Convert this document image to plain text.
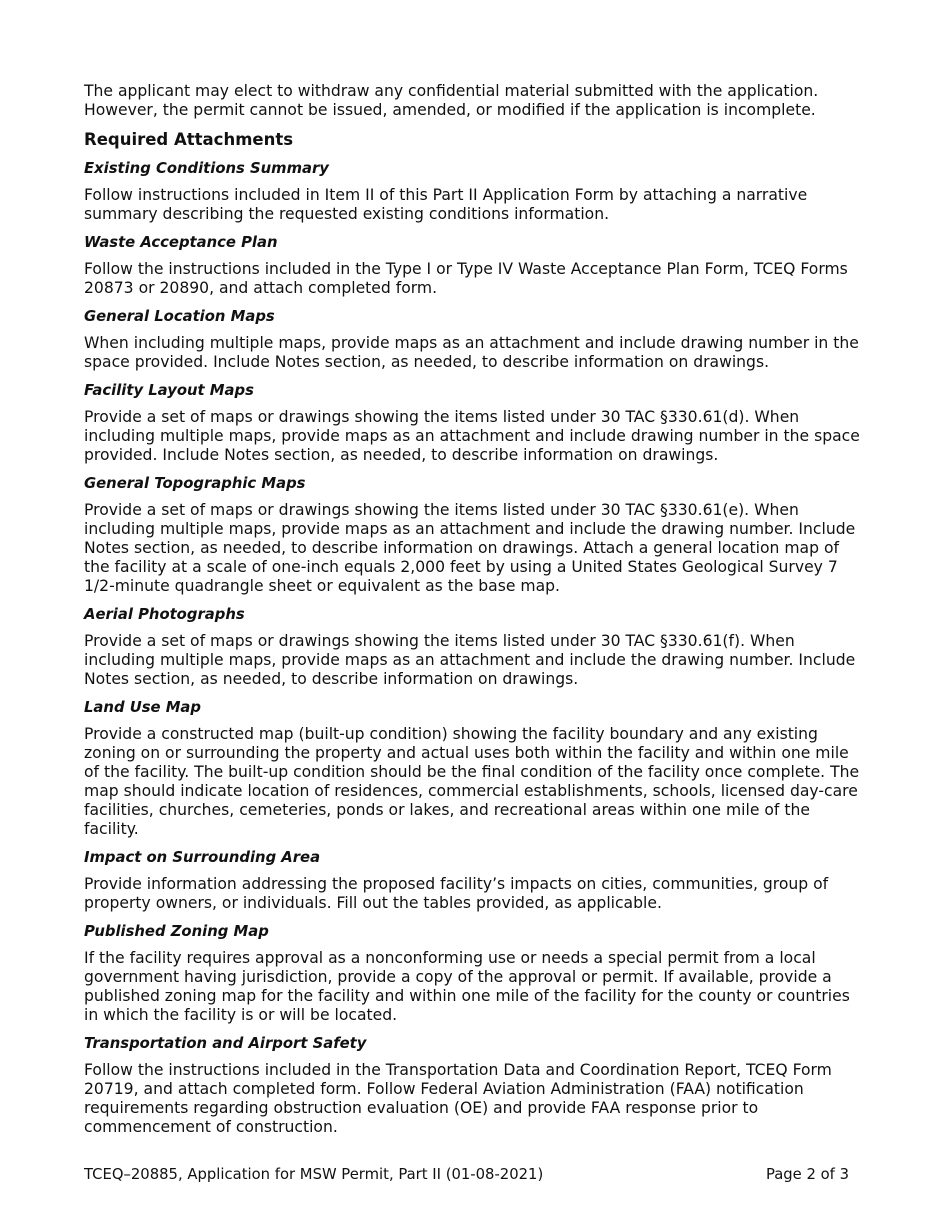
The applicant may elect to withdraw any confidential material submitted with the application. However, the permit cannot be issued, amended, or modified if the application is incomplete.

Required Attachments
Existing Conditions Summary

Follow instructions included in Item II of this Part II Application Form by attaching a narrative summary describing the requested existing conditions information.

Waste Acceptance Plan

Follow the instructions included in the Type I or Type IV Waste Acceptance Plan Form, TCEQ Forms 20873 or 20890, and attach completed form.

General Location Maps

When including multiple maps, provide maps as an attachment and include drawing number in the space provided. Include Notes section, as needed, to describe information on drawings.

Facility Layout Maps

Provide a set of maps or drawings showing the items listed under 30 TAC §330.61(d). When including multiple maps, provide maps as an attachment and include drawing number in the space provided. Include Notes section, as needed, to describe information on drawings.

General Topographic Maps

Provide a set of maps or drawings showing the items listed under 30 TAC §330.61(e). When including multiple maps, provide maps as an attachment and include the drawing number. Include Notes section, as needed, to describe information on drawings. Attach a general location map of the facility at a scale of one-inch equals 2,000 feet by using a United States Geological Survey 7 1/2-minute quadrangle sheet or equivalent as the base map.

Aerial Photographs

Provide a set of maps or drawings showing the items listed under 30 TAC §330.61(f). When including multiple maps, provide maps as an attachment and include the drawing number. Include Notes section, as needed, to describe information on drawings.

Land Use Map

Provide a constructed map (built-up condition) showing the facility boundary and any existing zoning on or surrounding the property and actual uses both within the facility and within one mile of the facility. The built-up condition should be the final condition of the facility once complete. The map should indicate location of residences, commercial establishments, schools, licensed day-care facilities, churches, cemeteries, ponds or lakes, and recreational areas within one mile of the facility.

Impact on Surrounding Area

Provide information addressing the proposed facility’s impacts on cities, communities, group of property owners, or individuals. Fill out the tables provided, as applicable.

Published Zoning Map

If the facility requires approval as a nonconforming use or needs a special permit from a local government having jurisdiction, provide a copy of the approval or permit. If available, provide a published zoning map for the facility and within one mile of the facility for the county or countries in which the facility is or will be located.

Transportation and Airport Safety

Follow the instructions included in the Transportation Data and Coordination Report, TCEQ Form 20719, and attach completed form. Follow Federal Aviation Administration (FAA) notification requirements regarding obstruction evaluation (OE) and provide FAA response prior to commencement of construction.

TCEQ–20885, Application for MSW Permit, Part II (01-08-2021)	Page 2 of 3
